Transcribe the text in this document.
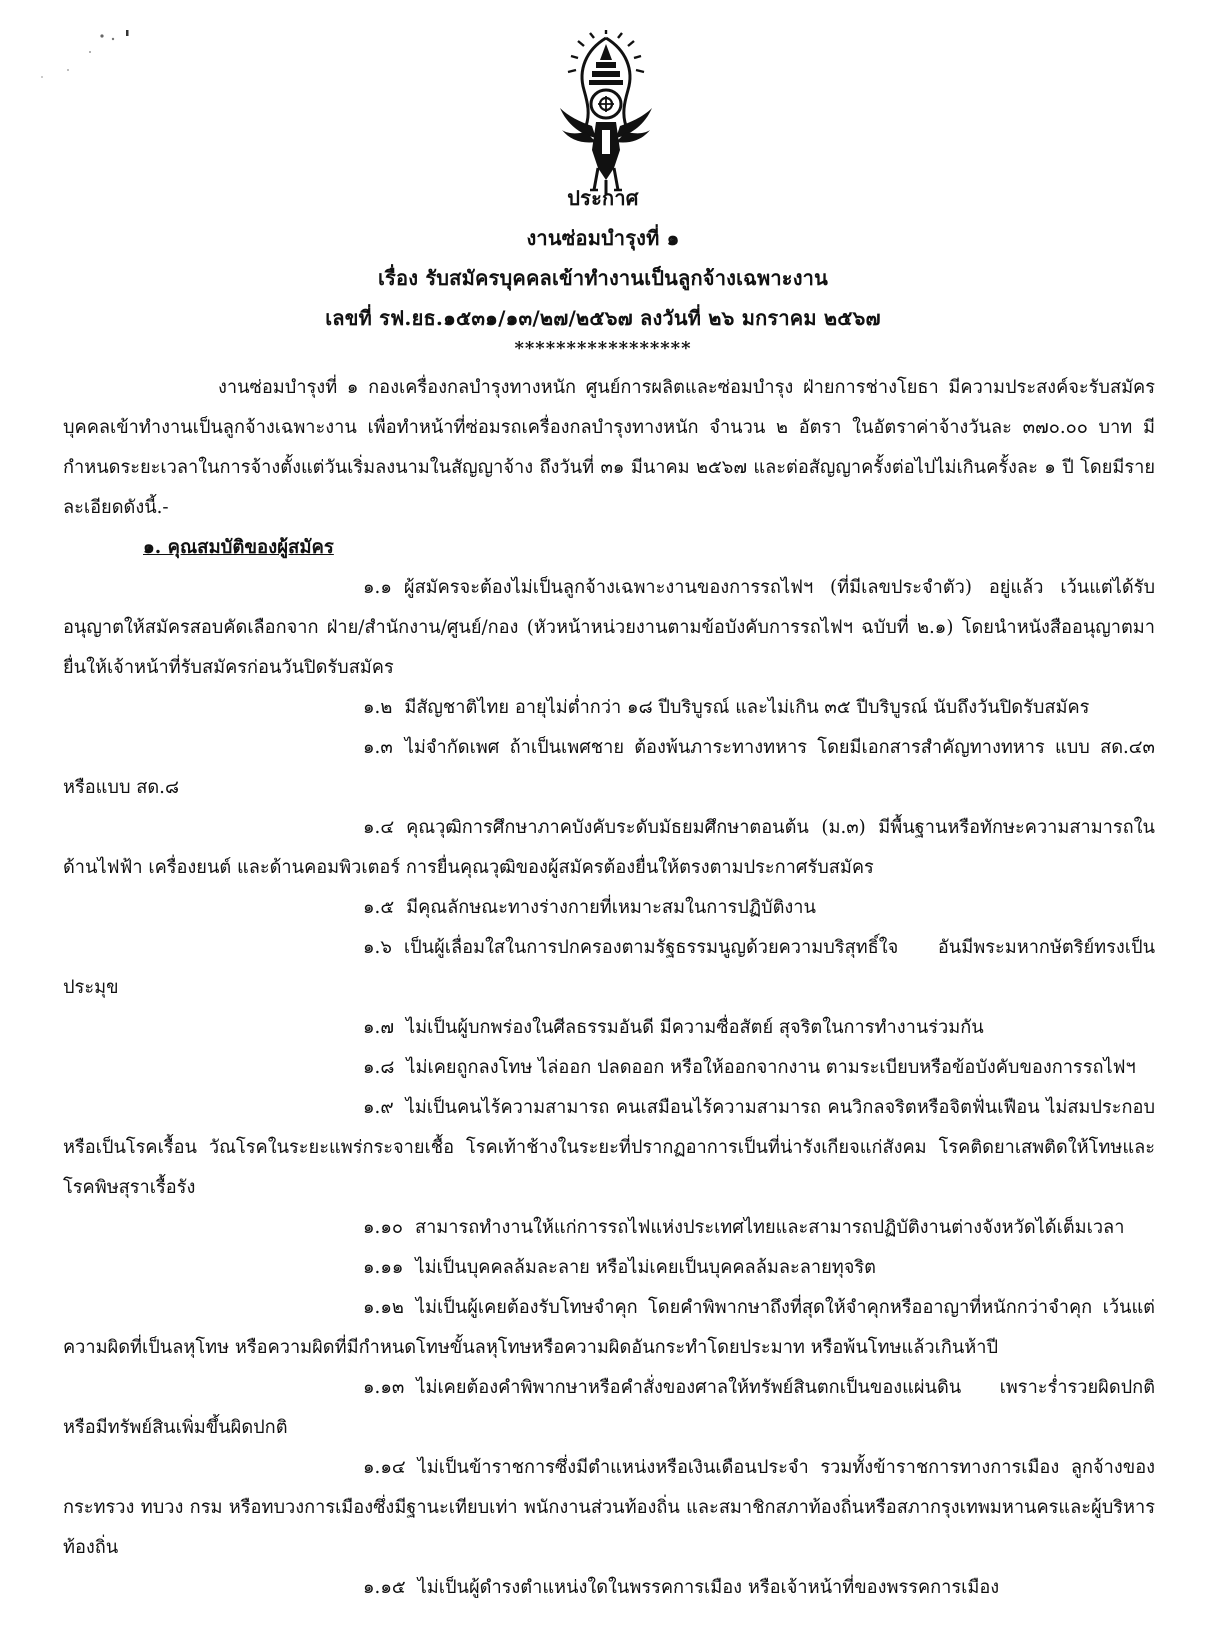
ประกาศ
งานซ่อมบำรุงที่ ๑
เรื่อง รับสมัครบุคคลเข้าทำงานเป็นลูกจ้างเฉพาะงาน
เลขที่ รฟ.ยธ.๑๕๓๑/๑๓/๒๗/๒๕๖๗ ลงวันที่ ๒๖ มกราคม ๒๕๖๗
*****************

งานซ่อมบำรุงที่ ๑ กองเครื่องกลบำรุงทางหนัก ศูนย์การผลิตและซ่อมบำรุง ฝ่ายการช่างโยธา มีความประสงค์จะรับสมัครบุคคลเข้าทำงานเป็นลูกจ้างเฉพาะงาน เพื่อทำหน้าที่ซ่อมรถเครื่องกลบำรุงทางหนัก จำนวน ๒ อัตรา ในอัตราค่าจ้างวันละ ๓๗๐.๐๐ บาท มีกำหนดระยะเวลาในการจ้างตั้งแต่วันเริ่มลงนามในสัญญาจ้าง ถึงวันที่ ๓๑ มีนาคม ๒๕๖๗ และต่อสัญญาครั้งต่อไปไม่เกินครั้งละ ๑ ปี โดยมีรายละเอียดดังนี้.-

๑. คุณสมบัติของผู้สมัคร

๑.๑ ผู้สมัครจะต้องไม่เป็นลูกจ้างเฉพาะงานของการรถไฟฯ (ที่มีเลขประจำตัว) อยู่แล้ว เว้นแต่ได้รับอนุญาตให้สมัครสอบคัดเลือกจาก ฝ่าย/สำนักงาน/ศูนย์/กอง (หัวหน้าหน่วยงานตามข้อบังคับการรถไฟฯ ฉบับที่ ๒.๑) โดยนำหนังสืออนุญาตมายื่นให้เจ้าหน้าที่รับสมัครก่อนวันปิดรับสมัคร

๑.๒ มีสัญชาติไทย อายุไม่ต่ำกว่า ๑๘ ปีบริบูรณ์ และไม่เกิน ๓๕ ปีบริบูรณ์ นับถึงวันปิดรับสมัคร

๑.๓ ไม่จำกัดเพศ ถ้าเป็นเพศชาย ต้องพ้นภาระทางทหาร โดยมีเอกสารสำคัญทางทหาร แบบ สด.๔๓ หรือแบบ สด.๘

๑.๔ คุณวุฒิการศึกษาภาคบังคับระดับมัธยมศึกษาตอนต้น (ม.๓) มีพื้นฐานหรือทักษะความสามารถในด้านไฟฟ้า เครื่องยนต์ และด้านคอมพิวเตอร์ การยื่นคุณวุฒิของผู้สมัครต้องยื่นให้ตรงตามประกาศรับสมัคร

๑.๕ มีคุณลักษณะทางร่างกายที่เหมาะสมในการปฏิบัติงาน

๑.๖ เป็นผู้เลื่อมใสในการปกครองตามรัฐธรรมนูญด้วยความบริสุทธิ์ใจ อันมีพระมหากษัตริย์ทรงเป็นประมุข

๑.๗ ไม่เป็นผู้บกพร่องในศีลธรรมอันดี มีความซื่อสัตย์ สุจริตในการทำงานร่วมกัน

๑.๘ ไม่เคยถูกลงโทษ ไล่ออก ปลดออก หรือให้ออกจากงาน ตามระเบียบหรือข้อบังคับของการรถไฟฯ

๑.๙ ไม่เป็นคนไร้ความสามารถ คนเสมือนไร้ความสามารถ คนวิกลจริตหรือจิตฟั่นเฟือน ไม่สมประกอบหรือเป็นโรคเรื้อน วัณโรคในระยะแพร่กระจายเชื้อ โรคเท้าช้างในระยะที่ปรากฏอาการเป็นที่น่ารังเกียจแก่สังคม โรคติดยาเสพติดให้โทษและโรคพิษสุราเรื้อรัง

๑.๑๐ สามารถทำงานให้แก่การรถไฟแห่งประเทศไทยและสามารถปฏิบัติงานต่างจังหวัดได้เต็มเวลา

๑.๑๑ ไม่เป็นบุคคลล้มละลาย หรือไม่เคยเป็นบุคคลล้มละลายทุจริต

๑.๑๒ ไม่เป็นผู้เคยต้องรับโทษจำคุก โดยคำพิพากษาถึงที่สุดให้จำคุกหรืออาญาที่หนักกว่าจำคุก เว้นแต่ความผิดที่เป็นลหุโทษ หรือความผิดที่มีกำหนดโทษขั้นลหุโทษหรือความผิดอันกระทำโดยประมาท หรือพ้นโทษแล้วเกินห้าปี

๑.๑๓ ไม่เคยต้องคำพิพากษาหรือคำสั่งของศาลให้ทรัพย์สินตกเป็นของแผ่นดิน เพราะร่ำรวยผิดปกติหรือมีทรัพย์สินเพิ่มขึ้นผิดปกติ

๑.๑๔ ไม่เป็นข้าราชการซึ่งมีตำแหน่งหรือเงินเดือนประจำ รวมทั้งข้าราชการทางการเมือง ลูกจ้างของกระทรวง ทบวง กรม หรือทบวงการเมืองซึ่งมีฐานะเทียบเท่า พนักงานส่วนท้องถิ่น และสมาชิกสภาท้องถิ่นหรือสภากรุงเทพมหานครและผู้บริหารท้องถิ่น

๑.๑๕ ไม่เป็นผู้ดำรงตำแหน่งใดในพรรคการเมือง หรือเจ้าหน้าที่ของพรรคการเมือง
